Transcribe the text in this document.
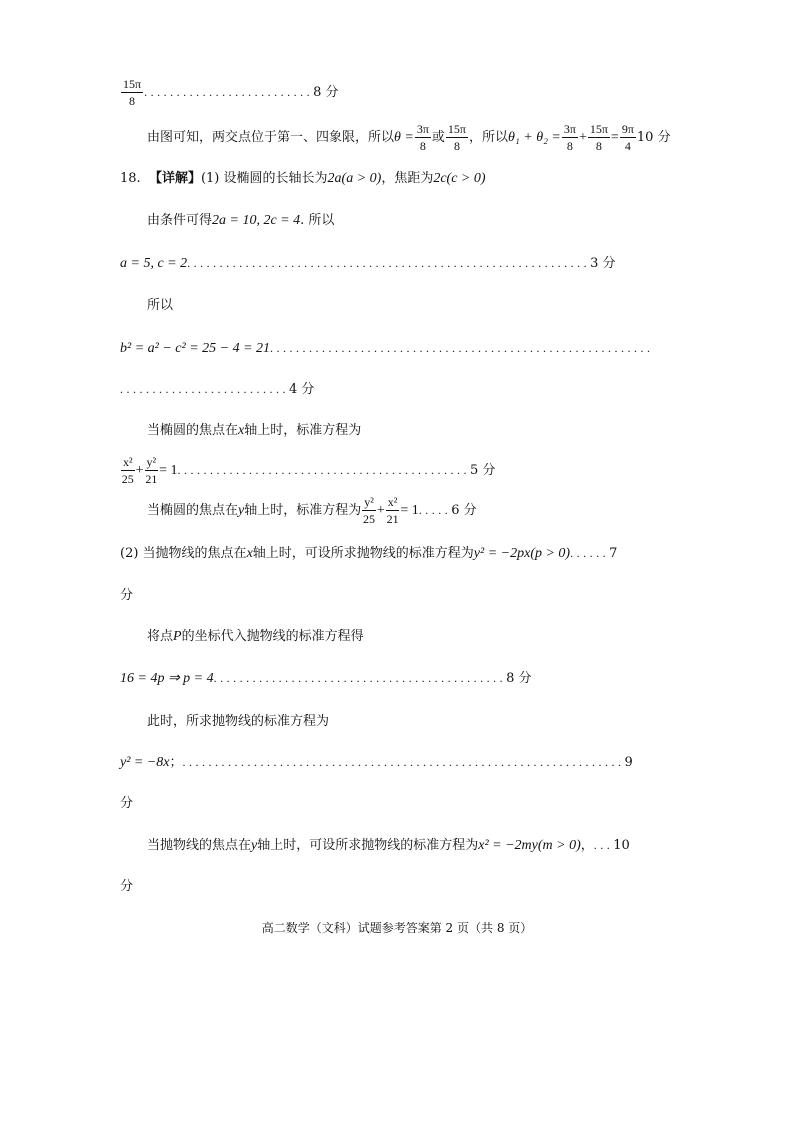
$\frac{15\pi}{8} ..........................8$ 分
由图可知，两交点位于第一、四象限，所以$\theta = \frac{3\pi}{8}$ 或 $\frac{15\pi}{8}$ ，所以$\theta_1 + \theta_2 = \frac{3\pi}{8} + \frac{15\pi}{8} = \frac{9\pi}{4} 10$ 分
18. 【详解】(1) 设椭圆的长轴长为2a(a > 0)，焦距为2c(c > 0)
由条件可得2a = 10, 2c = 4. 所以
a = 5, c = 2..............................................................3 分
所以
b² = a² − c² = 25 − 4 = 21...........................................................
..........................4 分
当椭圆的焦点在x轴上时，标准方程为
$\frac{\text{x²}}{25} + \frac{\text{y²}}{21} = 1.............................................5$ 分
当椭圆的焦点在y轴上时，标准方程为 $\frac{\text{y²}}{25} + \frac{\text{x²}}{21} = 1.....6$ 分
(2) 当抛物线的焦点在x轴上时，可设所求抛物线的标准方程为y² = −2px(p > 0)......7
分
将点P的坐标代入抛物线的标准方程得
16 = 4p ⇒ p = 4.............................................8 分
此时，所求抛物线的标准方程为
y² = −8x；....................................................................9
分
当抛物线的焦点在y轴上时，可设所求抛物线的标准方程为x² = −2my(m > 0)，...10
分
高二数学（文科）试题参考答案第 2 页（共 8 页）
